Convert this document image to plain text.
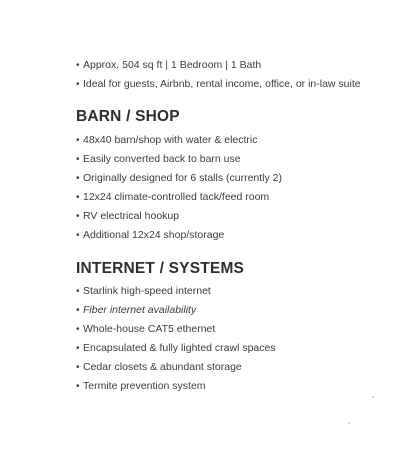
• Approx. 504 sq ft | 1 Bedroom | 1 Bath
• Ideal for guests, Airbnb, rental income, office, or in-law suite
BARN / SHOP
• 48x40 barn/shop with water & electric
• Easily converted back to barn use
• Originally designed for 6 stalls (currently 2)
• 12x24 climate-controlled tack/feed room
• RV electrical hookup
• Additional 12x24 shop/storage
INTERNET / SYSTEMS
• Starlink high-speed internet
• Fiber internet availability
• Whole-house CAT5 ethernet
• Encapsulated & fully lighted crawl spaces
• Cedar closets & abundant storage
• Termite prevention system
